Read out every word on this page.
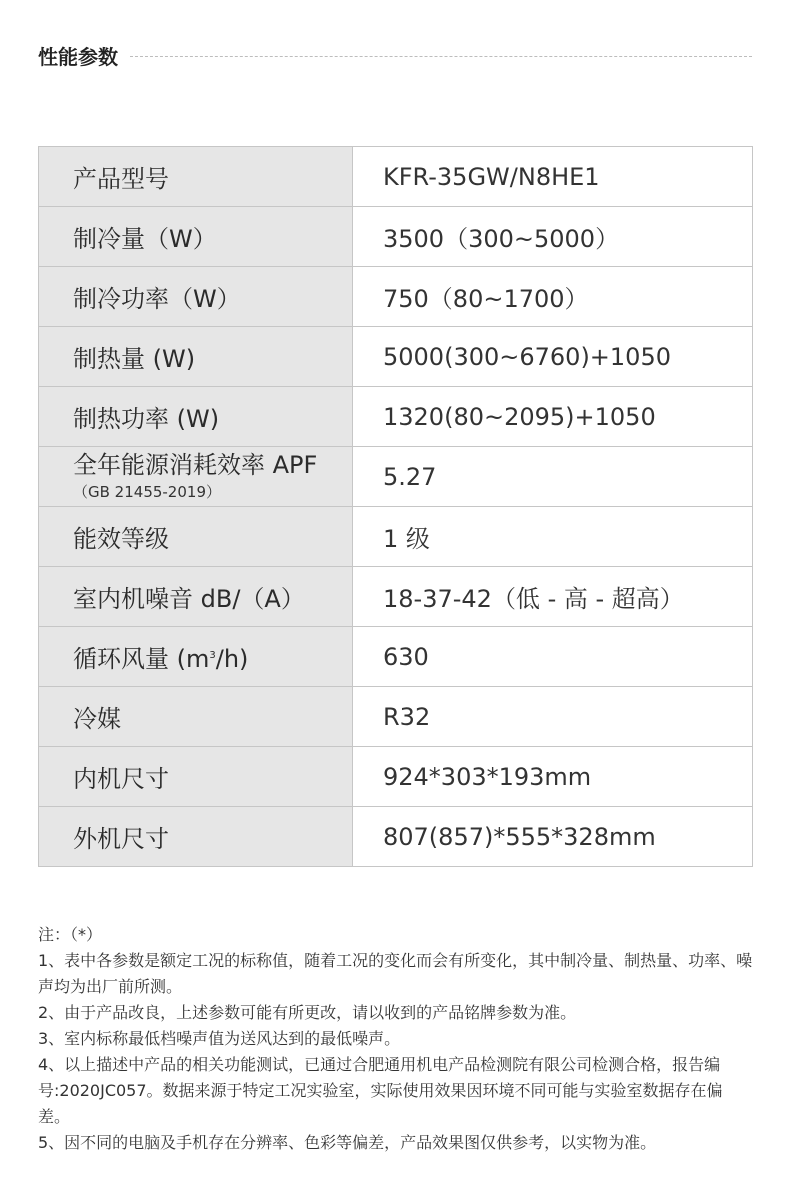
性能参数
产品型号	KFR-35GW/N8HE1
制冷量（W）	3500（300~5000）
制冷功率（W）	750（80~1700）
制热量 (W)	5000(300~6760)+1050
制热功率 (W)	1320(80~2095)+1050

全年能源消耗效率 APF
（GB 21455-2019）	5.27
能效等级	1 级
室内机噪音 dB/（A）	18-37-42（低 - 高 - 超高）
循环风量 $(m^3/h)$	630
冷媒	R32
内机尺寸	924*303*193mm
外机尺寸	807(857)*555*328mm

注：（*）

1、表中各参数是额定工况的标称值，随着工况的变化而会有所变化，其中制冷量、制热量、功率、噪声均为出厂前所测。

2、由于产品改良，上述参数可能有所更改，请以收到的产品铭牌参数为准。

3、室内标称最低档噪声值为送风达到的最低噪声。

4、以上描述中产品的相关功能测试，已通过合肥通用机电产品检测院有限公司检测合格，报告编号:2020JC057。数据来源于特定工况实验室，实际使用效果因环境不同可能与实验室数据存在偏差。

5、因不同的电脑及手机存在分辨率、色彩等偏差，产品效果图仅供参考，以实物为准。
